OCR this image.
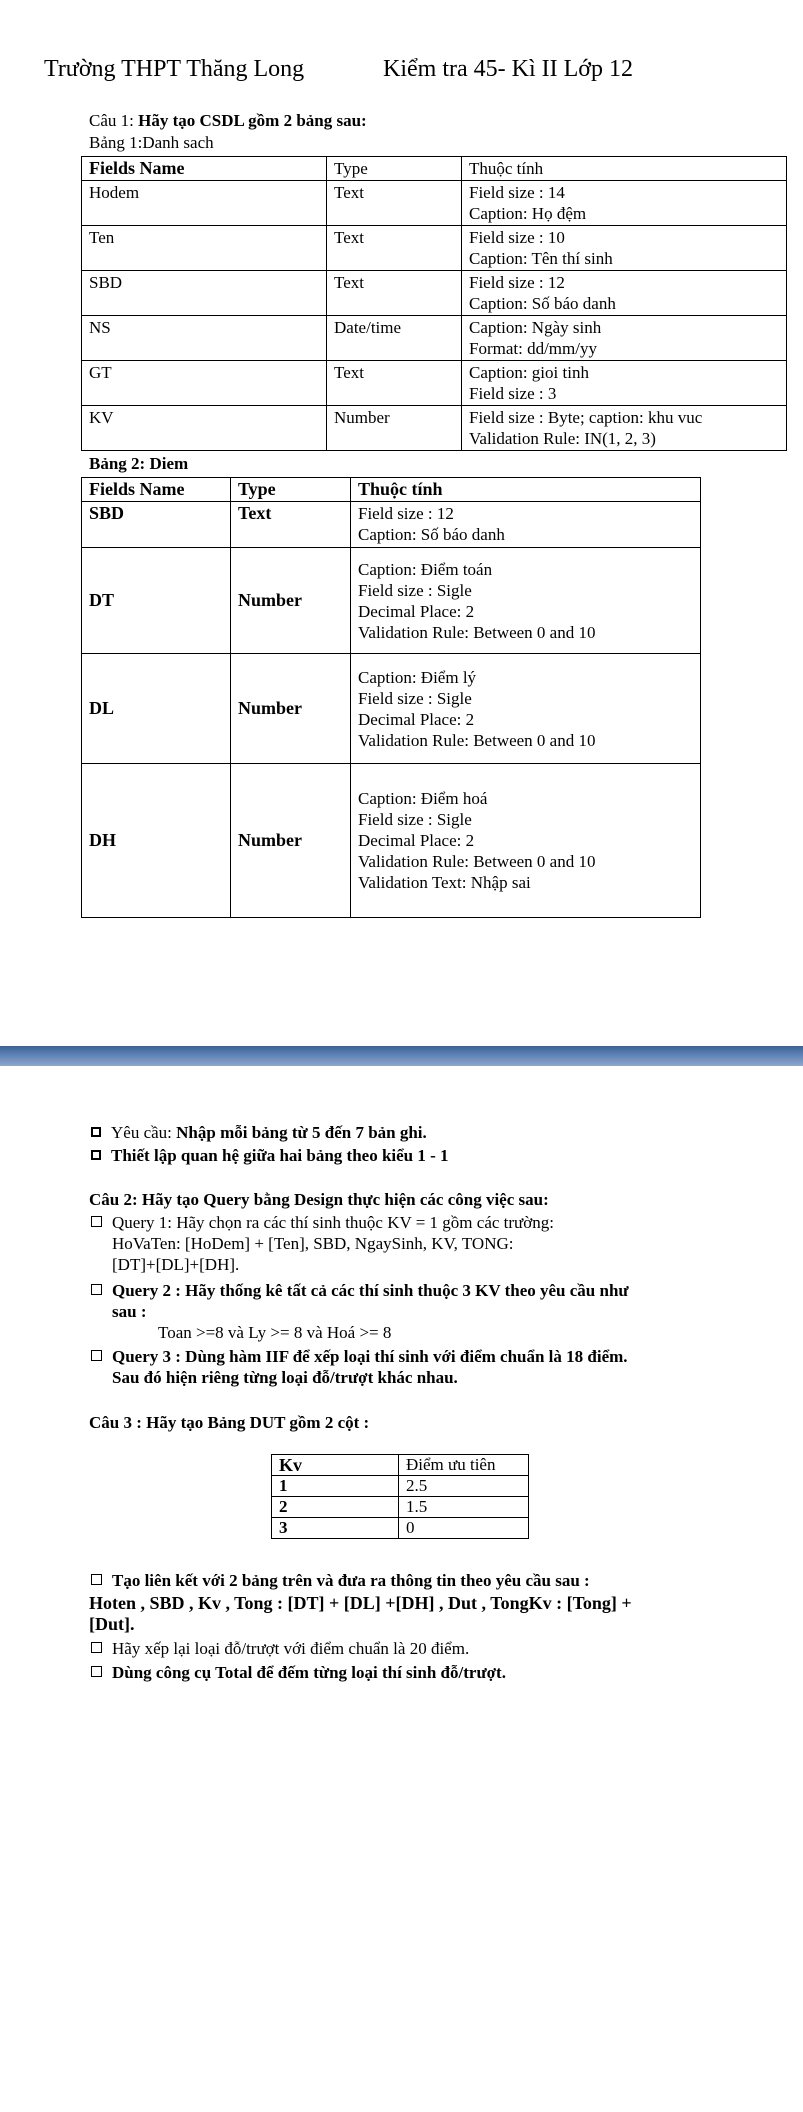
Trường THPT Thăng Long	Kiểm tra 45- Kì II Lớp 12
Câu 1: Hãy tạo CSDL gồm 2 bảng sau:
Bảng 1:Danh sach
Fields Name	Type	Thuộc tính
Hodem	Text	Field size : 14
Caption: Họ đệm

Ten	Text	Field size : 10
Caption: Tên thí sinh

SBD	Text	Field size : 12
Caption: Số báo danh

NS	Date/time	Caption: Ngày sinh
Format: dd/mm/yy

GT	Text	Caption: gioi tinh
Field size : 3

KV	Number	Field size : Byte; caption: khu vuc
Validation Rule: IN(1, 2, 3)
Bảng 2: Diem
Fields Name	Type	Thuộc tính
SBD	Text	Field size : 12
Caption: Số báo danh

DT	Number	Caption: Điểm toán
Field size : Sigle
Decimal Place: 2
Validation Rule: Between 0 and 10

DL	Number	Caption: Điểm lý
Field size : Sigle
Decimal Place: 2
Validation Rule: Between 0 and 10

DH	Number	Caption: Điểm hoá
Field size : Sigle
Decimal Place: 2
Validation Rule: Between 0 and 10
Validation Text: Nhập sai
Yêu cầu: Nhập mỗi bảng từ 5 đến 7 bản ghi.
Thiết lập quan hệ giữa hai bảng theo kiểu 1 - 1
Câu 2: Hãy tạo Query bằng Design thực hiện các công việc sau:
Query 1: Hãy chọn ra các thí sinh thuộc KV = 1 gồm các trường:
HoVaTen: [HoDem] + [Ten], SBD, NgaySinh, KV, TONG:
[DT]+[DL]+[DH].
Query 2 : Hãy thống kê tất cả các thí sinh thuộc 3 KV theo yêu cầu như
sau :
Toan >=8 và Ly >= 8 và Hoá >= 8
Query 3 : Dùng hàm IIF để xếp loại thí sinh với điểm chuẩn là 18 điểm.
Sau đó hiện riêng từng loại đỗ/trượt khác nhau.
Câu 3 : Hãy tạo Bảng DUT gồm 2 cột :
Kv	Điểm ưu tiên
1	2.5
2	1.5
3	0
Tạo liên kết với 2 bảng trên và đưa ra thông tin theo yêu cầu sau :
Hoten , SBD , Kv , Tong : [DT] + [DL] +[DH] , Dut , TongKv : [Tong] +
[Dut].
Hãy xếp lại loại đỗ/trượt với điểm chuẩn là 20 điểm.
Dùng công cụ Total để đếm từng loại thí sinh đỗ/trượt.
